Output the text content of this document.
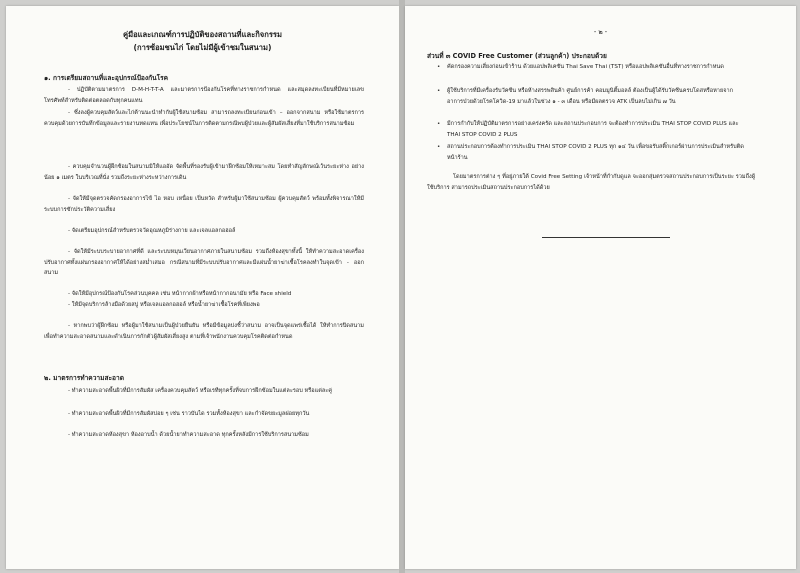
คู่มือและเกณฑ์การปฏิบัติของสถานที่และกิจกรรม
(การซ้อมชนไก่ โดยไม่มีผู้เข้าชมในสนาม)
๑. การเตรียมสถานที่และอุปกรณ์ป้องกันโรค
- ปฏิบัติตามมาตรการ D-M-H-T-T-A และมาตรการป้องกันโรคที่ทางราชการกำหนด และสมุดลงทะเบียนที่มีหมายเลขโทรศัพท์สำหรับติดต่อตลอดกับทุกคนแทน
- ซึ่งลงผู้ควบคุมสัตว์และไก่ต้านนะนำทำกับผู้ใช้สนามซ้อม สามารถลงทะเบียนก่อนเข้า – ออกจากสนาม หรือใช้มาตรการควบคุมด้วยการบันทึกข้อมูลและรายงานทดแทน เพื่อประโยชน์ในการติดตามกรณีพบผู้ป่วยและผู้สัมผัสเสี่ยงที่มาใช้บริการสนามซ้อม
- ควบคุมจำนวนผู้ฝึกซ้อมในสนามมิให้แออัด จัดพื้นที่รองรับผู้เข้ามาฝึกซ้อมให้เหมาะสม โดยทำสัญลักษณ์เว้นระยะห่าง อย่างน้อย ๑ เมตร ในบริเวณที่นั่ง รวมถึงระยะห่างระหว่างการเดิน
- จัดให้มีจุดตรวจคัดกรองอาการไข้ ไอ หอบ เหนื่อย เป็นหวัด สำหรับผู้มาใช้สนามซ้อม ผู้ควบคุมสัตว์ พร้อมทั้งพิจารณาให้มีระบบการซักประวัติความเสี่ยง
- จัดเตรียมอุปกรณ์สำหรับตรวจวัดอุณหภูมิร่างกาย และเจลแอลกอฮอล์
- จัดให้มีระบบระบายอากาศที่ดี และระบบหมุนเวียนอากาศภายในสนามซ้อม รวมถึงห้องสุขาทั้งนี้ ให้ทำความสะอาดเครื่องปรับอากาศทั้งแผ่นกรองอากาศให้ได้อย่างสม่ำเสมอ กรณีสนามที่มีระบบปรับอากาศและมีแผ่นน้ำยาฆ่าเชื้อโรคลงทำในจุดเข้า - ออกสนาม
- จัดให้มีอุปกรณ์ป้องกันโรคส่วนบุคคล เช่น หน้ากากผ้าหรือหน้ากากอนามัย หรือ Face shield
- ให้มีจุดบริการล้างมือด้วยสบู่ หรือเจลแอลกอฮอล์ หรือน้ำยาฆ่าเชื้อโรคที่เพียงพอ
- หากพบว่าผู้ฝึกซ้อม หรือผู้มาใช้สนามเป็นผู้ป่วยยืนยัน หรือมีข้อมูลบ่งชี้ว่าสนาม อาจเป็นจุดแพร่เชื้อได้ ให้ทำการปิดสนาม เพื่อทำความสะอาดสนามและดำเนินการกักตัวผู้สัมผัสเสี่ยงสูง ตามที่เจ้าพนักงานควบคุมโรคติดต่อกำหนด
๒. มาตรการทำความสะอาด
- ทำความสะอาดพื้นผิวที่มีการสัมผัส เครื่องควบคุมสัตว์ หรือเรทีทุกครั้งที่จบการฝึกซ้อมในแต่ละรอบ หรือแต่ละคู่
- ทำความสะอาดพื้นผิวที่มีการสัมผัสบ่อย ๆ เช่น ราวบันได รวมทั้งห้องสุขา และกำจัดขยะมูลฝอยทุกวัน
- ทำความสะอาดห้องสุขา ห้องอาบน้ำ ด้วยน้ำยาทำความสะอาด ทุกครั้งหลังมีการใช้บริการสนามซ้อม
- ๒ -
ส่วนที่ ๓ COVID Free Customer (ส่วนลูกค้า) ประกอบด้วย
• คัดกรองความเสี่ยงก่อนเข้าร้าน ด้วยแอปพลิเคชัน Thai Save Thai (TST) หรือแอปพลิเคชันอื่นที่ทางราชการกำหนด
• ผู้ใช้บริการที่มีเครื่องรับวัคซีน หรือห้างสรรพสินค้า ศูนย์การค้า คอมมูนิตี้มอลล์ ต้องเป็นผู้ได้รับวัคซีนครบโดสหรือหายจากอาการป่วยด้วยโรคโควิด-19 มาแล้วในช่วง ๑ - ๓ เดือน หรือมีผลตรวจ ATK เป็นลบไม่เกิน ๗ วัน
• มีการกำกับให้ปฏิบัติมาตรการอย่างเคร่งครัด และสถานประกอบการ จะต้องทำการประเมิน THAI STOP COVID PLUS และ THAI STOP COVID 2 PLUS
• สถานประกอบการต้องทำการประเมิน THAI STOP COVID 2 PLUS ทุก ๑๔ วัน เพื่อขอรับสติ๊กเกอร์ผ่านการประเมินสำหรับติดหน้าร้าน
โดยมาตรการต่าง ๆ ที่อยู่ภายใต้ Covid Free Setting เจ้าหน้าที่กำกับดูแล จะออกสุ่มตรวจสถานประกอบการเป็นระยะ รวมถึงผู้ใช้บริการ สามารถประเมินสถานประกอบการได้ด้วย
